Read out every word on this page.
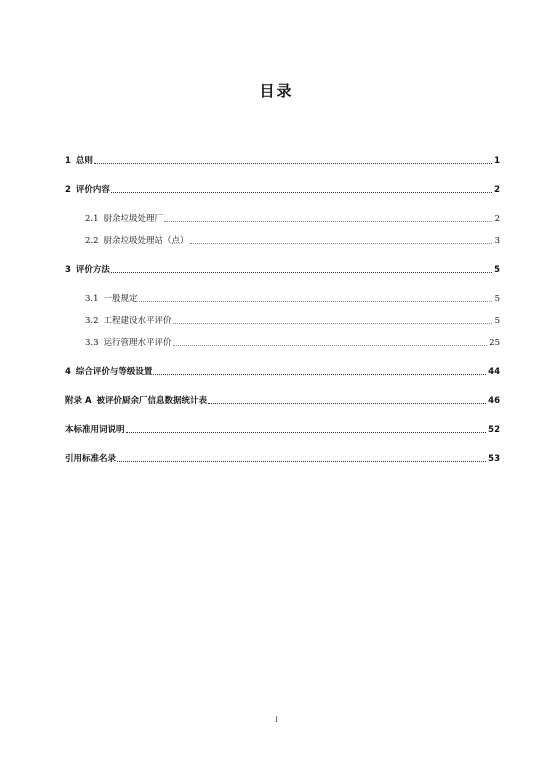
目录
1 总则	1
2 评价内容	2
2.1 厨余垃圾处理厂	2
2.2 厨余垃圾处理站（点）	3
3 评价方法	5
3.1 一般规定	5
3.2 工程建设水平评价	5
3.3 运行管理水平评价	25
4 综合评价与等级设置	44
附录 A 被评价厨余厂信息数据统计表	46
本标准用词说明	52
引用标准名录	53
I
